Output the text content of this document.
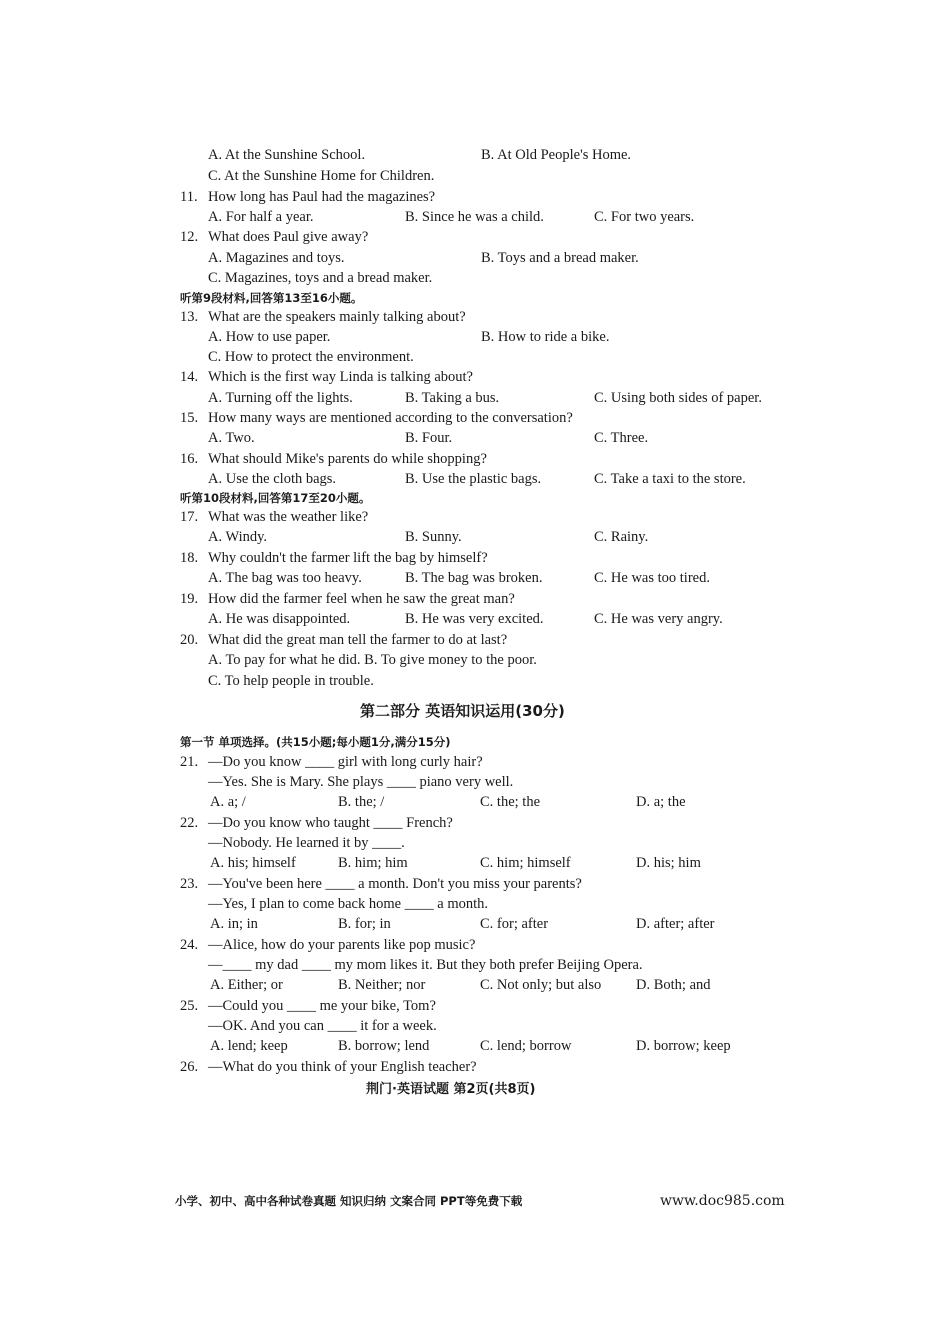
小学、初中、高中各种试卷真题 知识归纳 文案合同 PPT等免费下载	www.doc985.com
A. At the Sunshine School.	B. At Old People's Home.
C. At the Sunshine Home for Children.
11. How long has Paul had the magazines?
A. For half a year.	B. Since he was a child.	C. For two years.
12. What does Paul give away?
A. Magazines and toys.	B. Toys and a bread maker.
C. Magazines, toys and a bread maker.
听第9段材料,回答第13至16小题。
13. What are the speakers mainly talking about?
A. How to use paper.	B. How to ride a bike.
C. How to protect the environment.
14. Which is the first way Linda is talking about?
A. Turning off the lights.	B. Taking a bus.	C. Using both sides of paper.
15. How many ways are mentioned according to the conversation?
A. Two.	B. Four.	C. Three.
16. What should Mike's parents do while shopping?
A. Use the cloth bags.	B. Use the plastic bags.	C. Take a taxi to the store.
听第10段材料,回答第17至20小题。
17. What was the weather like?
A. Windy.	B. Sunny.	C. Rainy.
18. Why couldn't the farmer lift the bag by himself?
A. The bag was too heavy.	B. The bag was broken.	C. He was too tired.
19. How did the farmer feel when he saw the great man?
A. He was disappointed.	B. He was very excited.	C. He was very angry.
20. What did the great man tell the farmer to do at last?
A. To pay for what he did. B. To give money to the poor.
C. To help people in trouble.
第二部分 英语知识运用(30分)
第一节 单项选择。(共15小题;每小题1分,满分15分)
21. —Do you know ____ girl with long curly hair?
—Yes. She is Mary. She plays ____ piano very well.
A. a; /	B. the; /	C. the; the	D. a; the
22. —Do you know who taught ____ French?
—Nobody. He learned it by ____.
A. his; himself	B. him; him	C. him; himself	D. his; him
23. —You've been here ____ a month. Don't you miss your parents?
—Yes, I plan to come back home ____ a month.
A. in; in	B. for; in	C. for; after	D. after; after
24. —Alice, how do your parents like pop music?
—____ my dad ____ my mom likes it. But they both prefer Beijing Opera.
A. Either; or	B. Neither; nor	C. Not only; but also D. Both; and
25. —Could you ____ me your bike, Tom?
—OK. And you can ____ it for a week.
A. lend; keep	B. borrow; lend	C. lend; borrow	D. borrow; keep
26. —What do you think of your English teacher?
荆门·英语试题 第2页(共8页)
